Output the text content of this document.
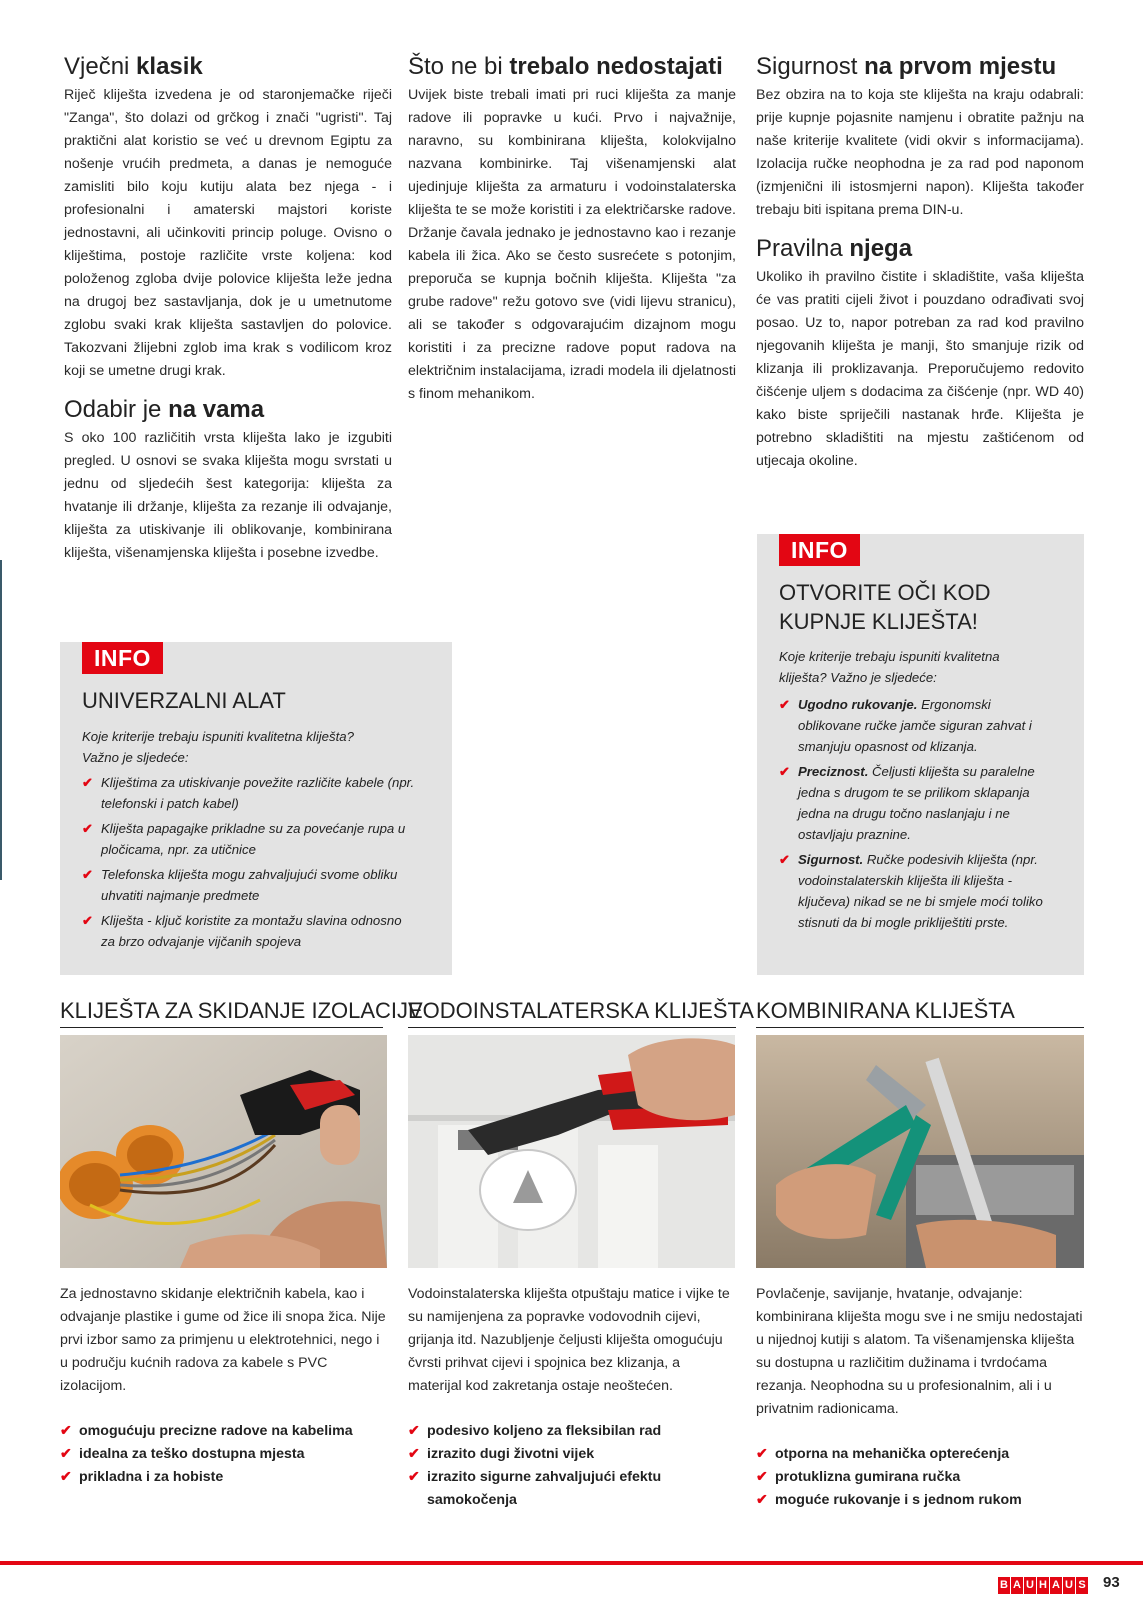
Vječni klasik

Riječ kliješta izvedena je od staronjemačke riječi "Zanga", što dolazi od grčkog i znači "ugristi". Taj praktični alat koristio se već u drevnom Egiptu za nošenje vrućih predmeta, a danas je nemoguće zamisliti bilo koju kutiju alata bez njega - i profesionalni i amaterski majstori koriste jednostavni, ali učinkoviti princip poluge. Ovisno o kliještima, postoje različite vrste koljena: kod položenog zgloba dvije polovice kliješta leže jedna na drugoj bez sastavljanja, dok je u umetnutome zglobu svaki krak kliješta sastavljen do polovice. Takozvani žlijebni zglob ima krak s vodilicom kroz koji se umetne drugi krak.

Odabir je na vama

S oko 100 različitih vrsta kliješta lako je izgubiti pregled. U osnovi se svaka kliješta mogu svrstati u jednu od sljedećih šest kategorija: kliješta za hvatanje ili držanje, kliješta za rezanje ili odvajanje, kliješta za utiskivanje ili oblikovanje, kombinirana kliješta, višenamjenska kliješta i posebne izvedbe.

Što ne bi trebalo nedostajati

Uvijek biste trebali imati pri ruci kliješta za manje radove ili popravke u kući. Prvo i najvažnije, naravno, su kombinirana kliješta, kolokvijalno nazvana kombinirke. Taj višenamjenski alat ujedinjuje kliješta za armaturu i vodoinstalaterska kliješta te se može koristiti i za električarske radove. Držanje čavala jednako je jednostavno kao i rezanje kabela ili žica. Ako se često susrećete s potonjim, preporuča se kupnja bočnih kliješta. Kliješta "za grube radove" režu gotovo sve (vidi lijevu stranicu), ali se također s odgovarajućim dizajnom mogu koristiti i za precizne radove poput radova na električnim instalacijama, izradi modela ili djelatnosti s finom mehanikom.

Sigurnost na prvom mjestu

Bez obzira na to koja ste kliješta na kraju odabrali: prije kupnje pojasnite namjenu i obratite pažnju na naše kriterije kvalitete (vidi okvir s informacijama). Izolacija ručke neophodna je za rad pod naponom (izmjenični ili istosmjerni napon). Kliješta također trebaju biti ispitana prema DIN-u.

Pravilna njega

Ukoliko ih pravilno čistite i skladištite, vaša kliješta će vas pratiti cijeli život i pouzdano odrađivati svoj posao. Uz to, napor potreban za rad kod pravilno njegovanih kliješta je manji, što smanjuje rizik od klizanja ili proklizavanja. Preporučujemo redovito čišćenje uljem s dodacima za čišćenje (npr. WD 40) kako biste spriječili nastanak hrđe. Kliješta je potrebno skladištiti na mjestu zaštićenom od utjecaja okoline.

INFO
UNIVERZALNI ALAT
Koje kriterije trebaju ispuniti kvalitetna kliješta? Važno je sljedeće:
✔ Kliještima za utiskivanje povežite različite kabele (npr. telefonski i patch kabel)
✔ Kliješta papagajke prikladne su za povećanje rupa u pločicama, npr. za utičnice
✔ Telefonska kliješta mogu zahvaljujući svome obliku uhvatiti najmanje predmete
✔ Kliješta - ključ koristite za montažu slavina odnosno za brzo odvajanje vijčanih spojeva
INFO
OTVORITE OČI KOD
KUPNJE KLIJEŠTA!
Koje kriterije trebaju ispuniti kvalitetna kliješta? Važno je sljedeće:
✔ Ugodno rukovanje. Ergonomski oblikovane ručke jamče siguran zahvat i smanjuju opasnost od klizanja.
✔ Preciznost. Čeljusti kliješta su paralelne jedna s drugom te se prilikom sklapanja jedna na drugu točno naslanjaju i ne ostavljaju praznine.
✔ Sigurnost. Ručke podesivih kliješta (npr. vodoinstalaterskih kliješta ili kliješta - ključeva) nikad se ne bi smjele moći toliko stisnuti da bi mogle prikliještiti prste.
KLIJEŠTA ZA SKIDANJE IZOLACIJE
VODOINSTALATERSKA KLIJEŠTA KOMBINIRANA KLIJEŠTA
Za jednostavno skidanje električnih kabela, kao i odvajanje plastike i gume od žice ili snopa žica. Nije prvi izbor samo za primjenu u elektrotehnici, nego i u području kućnih radova za kabele s PVC izolacijom.
Vodoinstalaterska kliješta otpuštaju matice i vijke te su namijenjena za popravke vodovodnih cijevi, grijanja itd. Nazubljenje čeljusti kliješta omogućuju čvrsti prihvat cijevi i spojnica bez klizanja, a materijal kod zakretanja ostaje neoštećen.
Povlačenje, savijanje, hvatanje, odvajanje: kombinirana kliješta mogu sve i ne smiju nedostajati u nijednoj kutiji s alatom. Ta višenamjenska kliješta su dostupna u različitim dužinama i tvrdoćama rezanja. Neophodna su u profesionalnim, ali i u privatnim radionicama.
✔ omogućuju precizne radove na kabelima
✔ idealna za teško dostupna mjesta
✔ prikladna i za hobiste
✔ podesivo koljeno za fleksibilan rad
✔ izrazito dugi životni vijek
✔ izrazito sigurne zahvaljujući efektu samokočenja
✔ otporna na mehanička opterećenja
✔ protuklizna gumirana ručka
✔ moguće rukovanje i s jednom rukom
B A U H A U S 93
